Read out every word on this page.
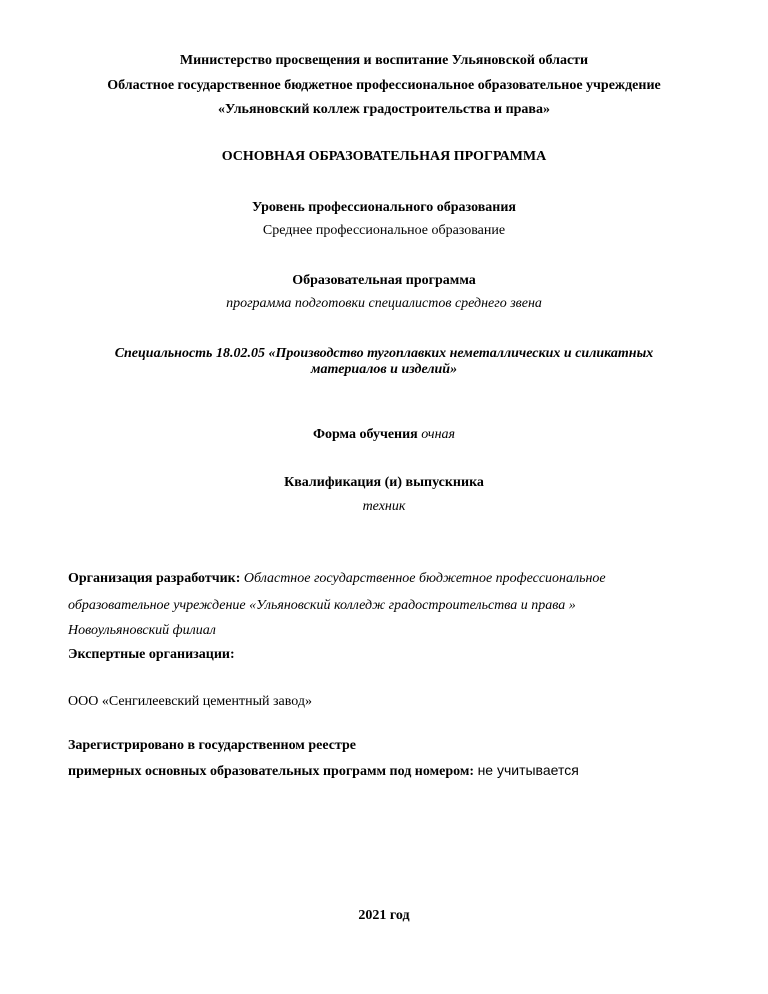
Министерство просвещения и воспитание Ульяновской области
Областное государственное бюджетное профессиональное образовательное учреждение
«Ульяновский коллеж градостроительства и права»
ОСНОВНАЯ ОБРАЗОВАТЕЛЬНАЯ ПРОГРАММА
Уровень профессионального образования
Среднее профессиональное образование
Образовательная программа
программа подготовки специалистов среднего звена
Специальность 18.02.05 «Производство тугоплавких неметаллических и силикатных
материалов и изделий»
Форма обучения очная
Квалификация (и) выпускника
техник
Организация разработчик: Областное государственное бюджетное профессиональное
образовательное учреждение «Ульяновский колледж градостроительства и права »
Новоульяновский филиал
Экспертные организации:
ООО «Сенгилеевский цементный завод»
Зарегистрировано в государственном реестре
примерных основных образовательных программ под номером: не учитывается
2021 год
